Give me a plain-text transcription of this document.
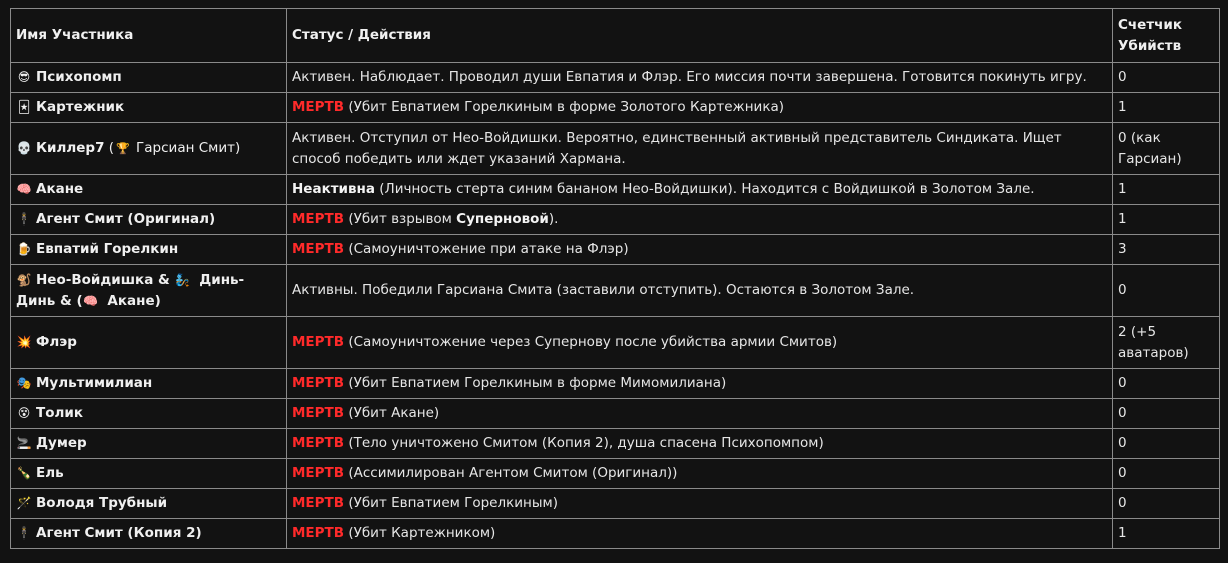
Имя Участника	Статус / Действия	Счетчик Убийств
😎 Психопомп	Активен. Наблюдает. Проводил души Евпатия и Флэр. Его миссия почти завершена. Готовится покинуть игру.	0
🃏 Картежник	МЕРТВ (Убит Евпатием Горелкиным в форме Золотого Картежника)	1
💀 Киллер7 ( 🏆 Гарсиан Смит)	Активен. Отступил от Нео-Войдишки. Вероятно, единственный активный представитель Синдиката. Ищет способ победить или ждет указаний Хармана.	0 (как Гарсиан)
🧠 Акане	Неактивна (Личность стерта синим бананом Нео-Войдишки). Находится с Войдишкой в Золотом Зале.	1
🕴 Агент Смит (Оригинал)	МЕРТВ (Убит взрывом Суперновой).	1
🍺 Евпатий Горелкин	МЕРТВ (Самоуничтожение при атаке на Флэр)	3
🐒 Нео-Войдишка & 🧞 Динь-Динь & (🧠 Акане)	Активны. Победили Гарсиана Смита (заставили отступить). Остаются в Золотом Зале.	0
💥 Флэр	МЕРТВ (Самоуничтожение через Супернову после убийства армии Смитов)	2 (+5 аватаров)
🎭 Мультимилиан	МЕРТВ (Убит Евпатием Горелкиным в форме Мимомилиана)	0
😵 Толик	МЕРТВ (Убит Акане)	0
🚬 Думер	МЕРТВ (Тело уничтожено Смитом (Копия 2), душа спасена Психопомпом)	0
🍾 Ель	МЕРТВ (Ассимилирован Агентом Смитом (Оригинал))	0
🪄 Володя Трубный	МЕРТВ (Убит Евпатием Горелкиным)	0
🕴 Агент Смит (Копия 2)	МЕРТВ (Убит Картежником)	1
